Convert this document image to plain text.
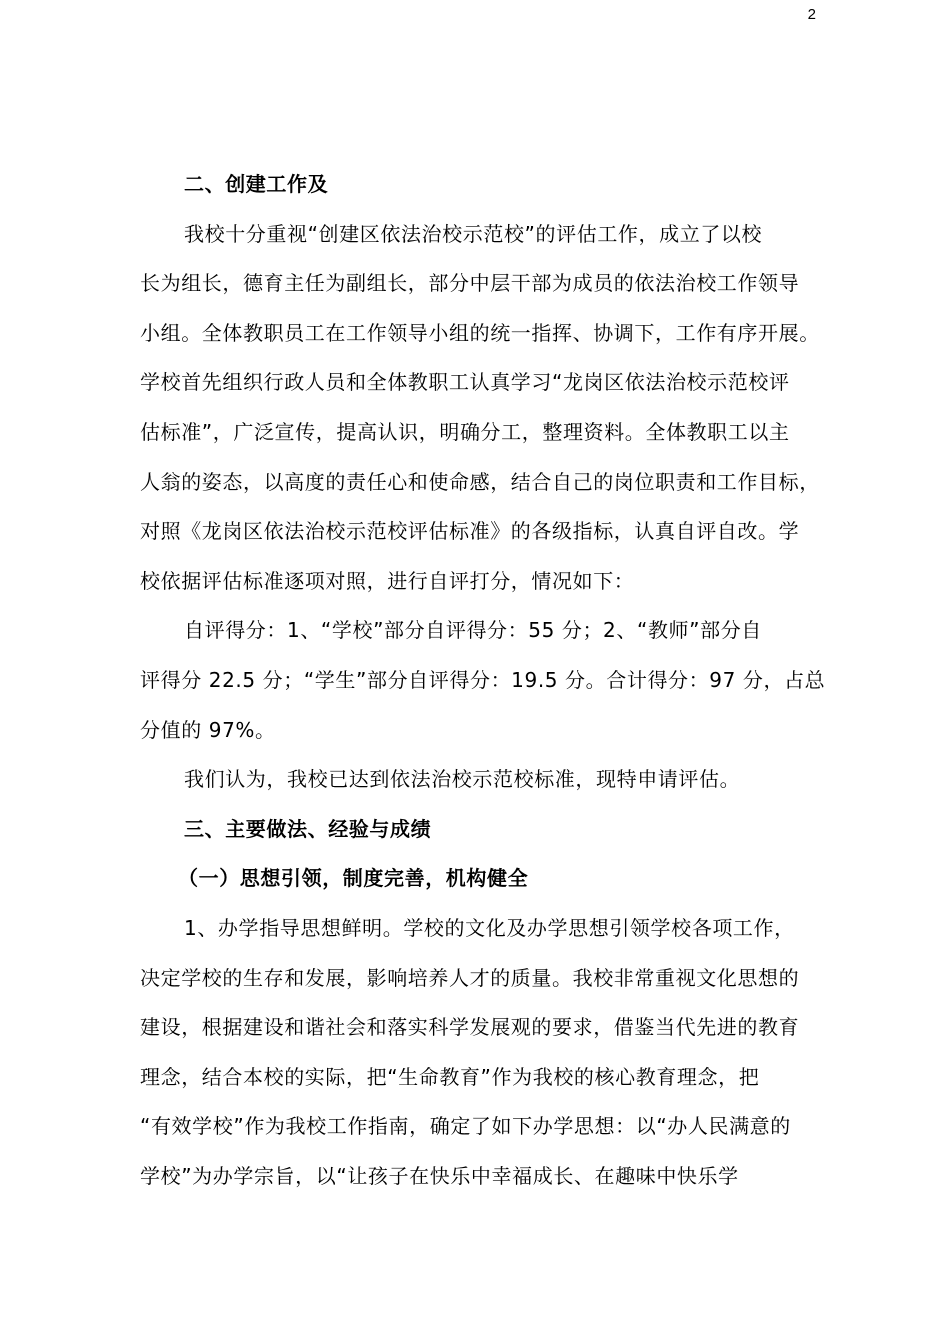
2
二、创建工作及
我校十分重视“创建区依法治校示范校”的评估工作，成立了以校
长为组长，德育主任为副组长，部分中层干部为成员的依法治校工作领导
小组。全体教职员工在工作领导小组的统一指挥、协调下，工作有序开展。
学校首先组织行政人员和全体教职工认真学习“龙岗区依法治校示范校评
估标准”，广泛宣传，提高认识，明确分工，整理资料。全体教职工以主
人翁的姿态，以高度的责任心和使命感，结合自己的岗位职责和工作目标，
对照《龙岗区依法治校示范校评估标准》的各级指标，认真自评自改。学
校依据评估标准逐项对照，进行自评打分，情况如下：
自评得分：1、“学校”部分自评得分：55 分；2、“教师”部分自
评得分 22.5 分；“学生”部分自评得分：19.5 分。合计得分：97 分，占总
分值的 97%。
我们认为，我校已达到依法治校示范校标准，现特申请评估。
三、主要做法、经验与成绩
（一）思想引领，制度完善，机构健全
1、办学指导思想鲜明。学校的文化及办学思想引领学校各项工作，
决定学校的生存和发展，影响培养人才的质量。我校非常重视文化思想的
建设，根据建设和谐社会和落实科学发展观的要求，借鉴当代先进的教育
理念，结合本校的实际，把“生命教育”作为我校的核心教育理念，把
“有效学校”作为我校工作指南，确定了如下办学思想：以“办人民满意的
学校”为办学宗旨，以“让孩子在快乐中幸福成长、在趣味中快乐学
